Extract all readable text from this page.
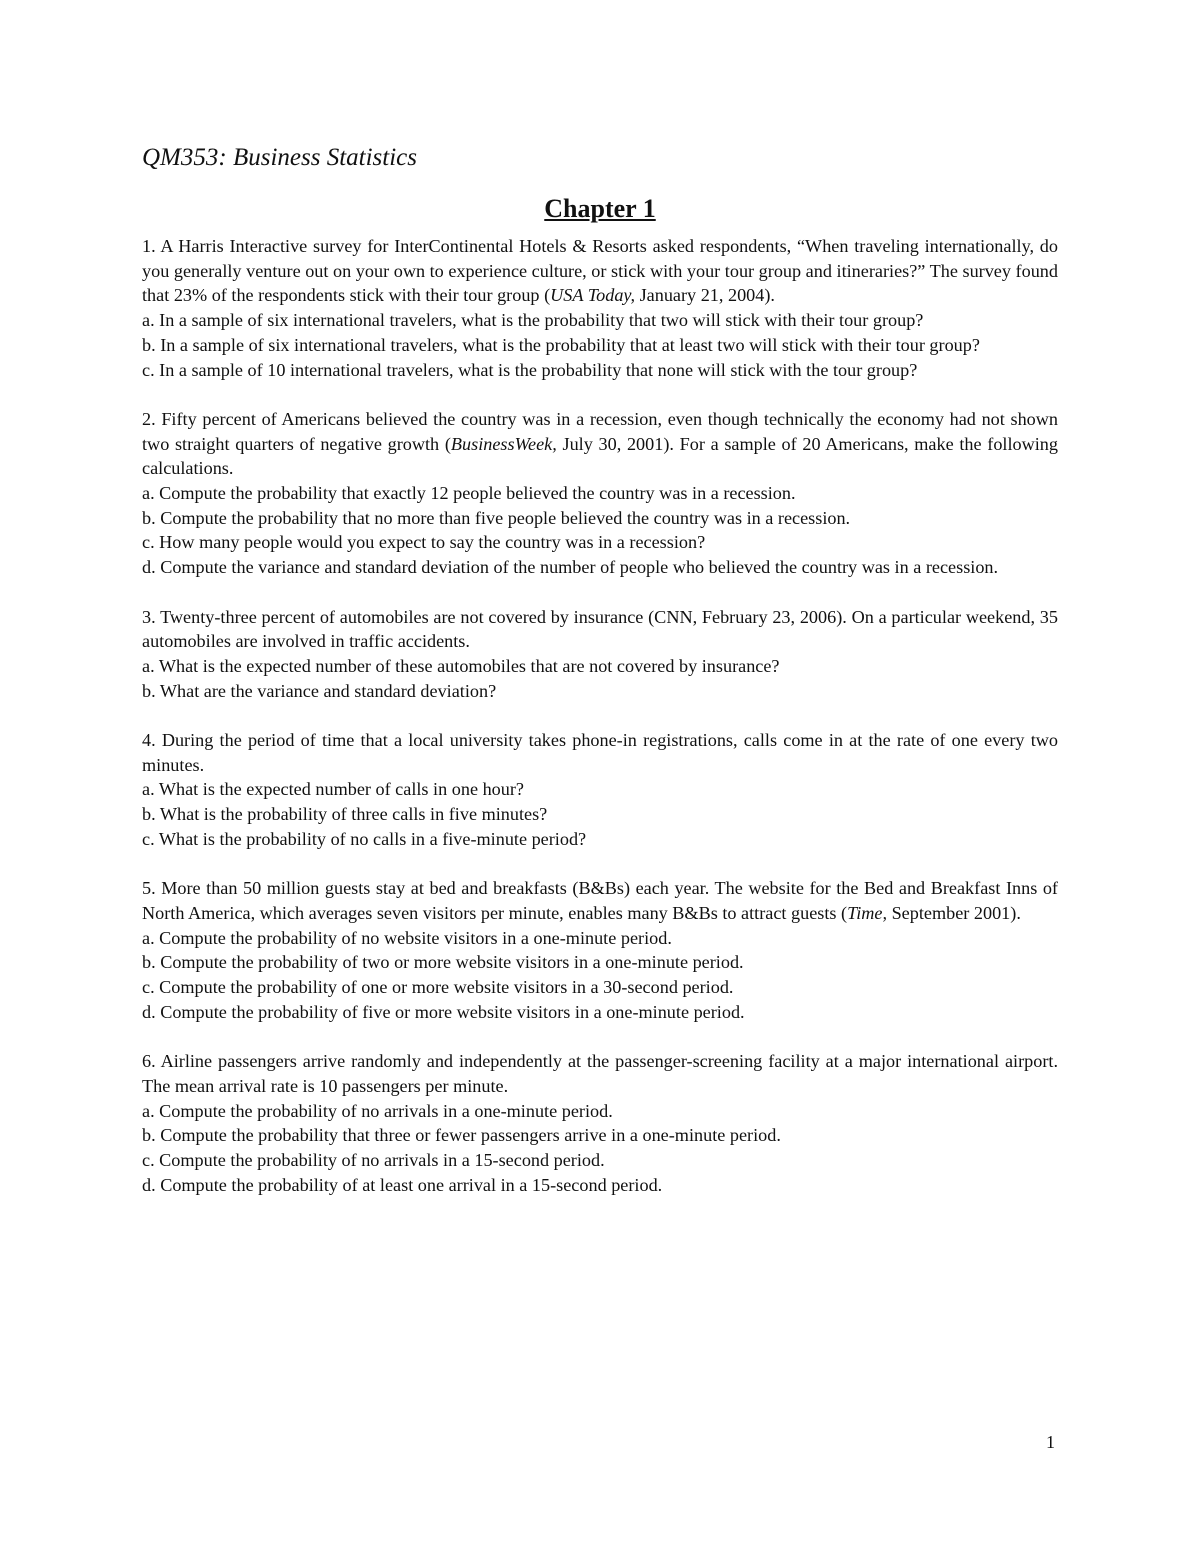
QM353: Business Statistics
Chapter 1

1. A Harris Interactive survey for InterContinental Hotels & Resorts asked respondents, “When traveling internationally, do you generally venture out on your own to experience culture, or stick with your tour group and itineraries?” The survey found that 23% of the respondents stick with their tour group (USA Today, January 21, 2004).

a. In a sample of six international travelers, what is the probability that two will stick with their tour group?

b. In a sample of six international travelers, what is the probability that at least two will stick with their tour group?

c. In a sample of 10 international travelers, what is the probability that none will stick with the tour group?

2. Fifty percent of Americans believed the country was in a recession, even though technically the economy had not shown two straight quarters of negative growth (BusinessWeek, July 30, 2001). For a sample of 20 Americans, make the following calculations.

a. Compute the probability that exactly 12 people believed the country was in a recession.

b. Compute the probability that no more than five people believed the country was in a recession.

c. How many people would you expect to say the country was in a recession?

d. Compute the variance and standard deviation of the number of people who believed the country was in a recession.

3. Twenty-three percent of automobiles are not covered by insurance (CNN, February 23, 2006). On a particular weekend, 35 automobiles are involved in traffic accidents.

a. What is the expected number of these automobiles that are not covered by insurance?

b. What are the variance and standard deviation?

4. During the period of time that a local university takes phone-in registrations, calls come in at the rate of one every two minutes.

a. What is the expected number of calls in one hour?

b. What is the probability of three calls in five minutes?

c. What is the probability of no calls in a five-minute period?

5. More than 50 million guests stay at bed and breakfasts (B&Bs) each year. The website for the Bed and Breakfast Inns of North America, which averages seven visitors per minute, enables many B&Bs to attract guests (Time, September 2001).

a. Compute the probability of no website visitors in a one-minute period.

b. Compute the probability of two or more website visitors in a one-minute period.

c. Compute the probability of one or more website visitors in a 30-second period.

d. Compute the probability of five or more website visitors in a one-minute period.

6. Airline passengers arrive randomly and independently at the passenger-screening facility at a major international airport. The mean arrival rate is 10 passengers per minute.

a. Compute the probability of no arrivals in a one-minute period.

b. Compute the probability that three or fewer passengers arrive in a one-minute period.

c. Compute the probability of no arrivals in a 15-second period.

d. Compute the probability of at least one arrival in a 15-second period.

1
